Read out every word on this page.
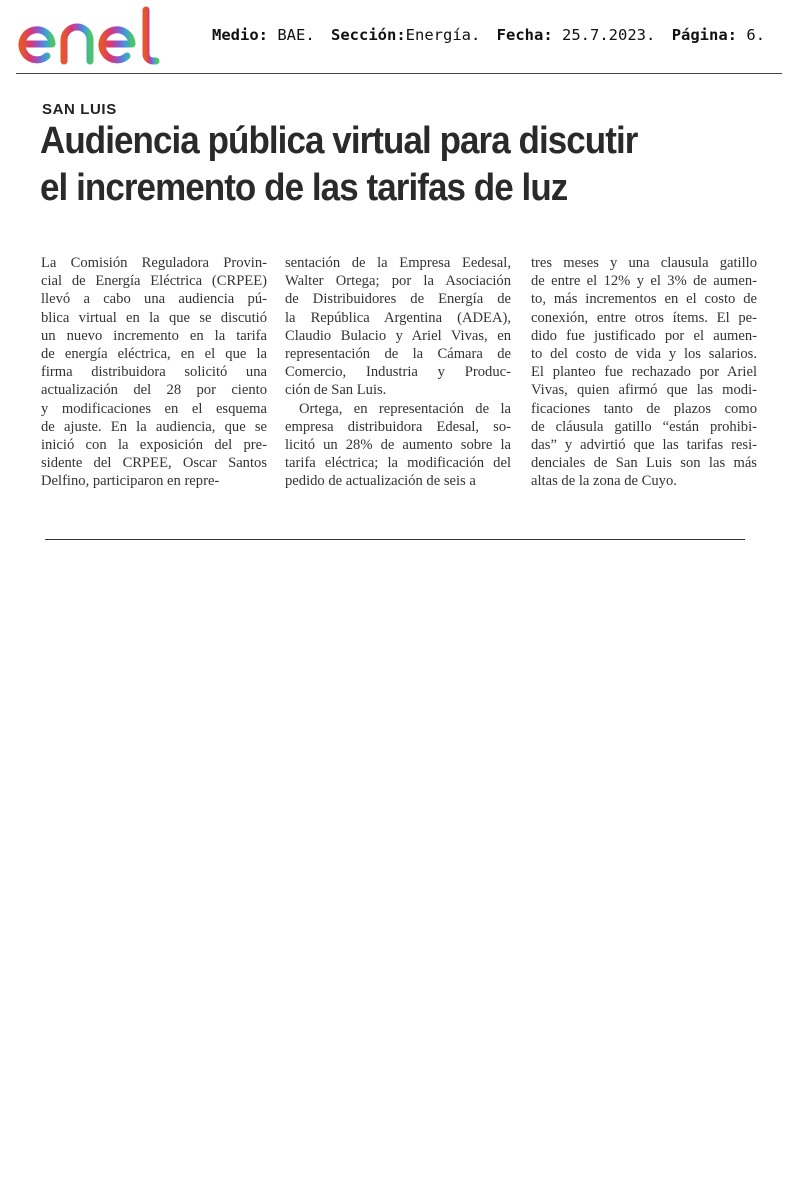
Medio: BAE. Sección:Energía. Fecha: 25.7.2023. Página: 6.
SAN LUIS
Audiencia pública virtual para discutir
el incremento de las tarifas de luz
La Comisión Reguladora Provin-
cial de Energía Eléctrica (CRPEE)
llevó a cabo una audiencia pú-
blica virtual en la que se discutió
un nuevo incremento en la tarifa
de energía eléctrica, en el que la
firma distribuidora solicitó una
actualización del 28 por ciento
y modificaciones en el esquema
de ajuste. En la audiencia, que se
inició con la exposición del pre-
sidente del CRPEE, Oscar Santos
Delfino, participaron en repre-
sentación de la Empresa Eedesal,
Walter Ortega; por la Asociación
de Distribuidores de Energía de
la República Argentina (ADEA),
Claudio Bulacio y Ariel Vivas, en
representación de la Cámara de
Comercio, Industria y Produc-
ción de San Luis.
Ortega, en representación de la
empresa distribuidora Edesal, so-
licitó un 28% de aumento sobre la
tarifa eléctrica; la modificación del
pedido de actualización de seis a
tres meses y una clausula gatillo
de entre el 12% y el 3% de aumen-
to, más incrementos en el costo de
conexión, entre otros ítems. El pe-
dido fue justificado por el aumen-
to del costo de vida y los salarios.
El planteo fue rechazado por Ariel
Vivas, quien afirmó que las modi-
ficaciones tanto de plazos como
de cláusula gatillo “están prohibi-
das” y advirtió que las tarifas resi-
denciales de San Luis son las más
altas de la zona de Cuyo.
